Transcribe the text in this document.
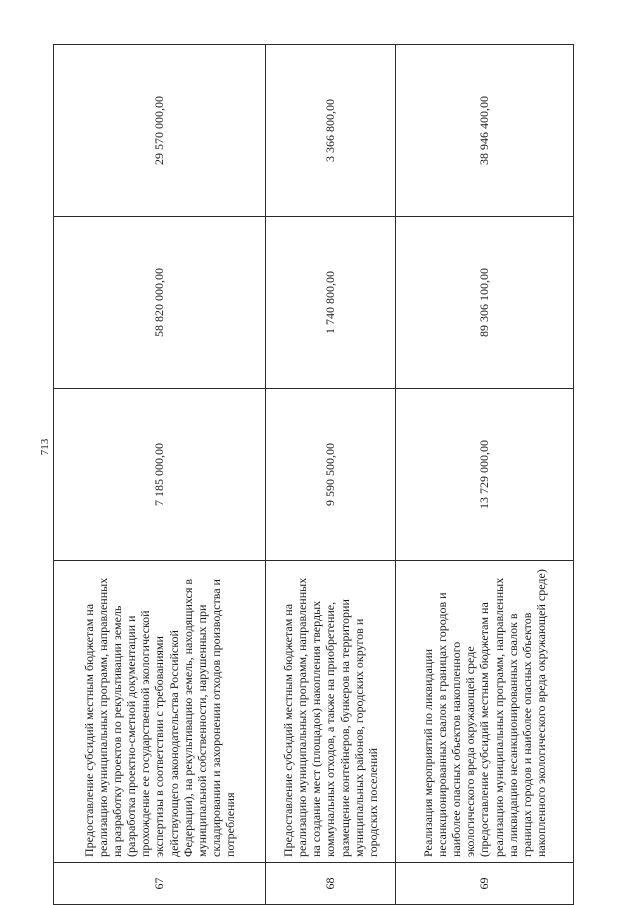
713
67	Предоставление субсидий местным бюджетам на реализацию муниципальных программ, направленных на разработку проектов по рекультивации земель (разработка проектно-сметной документации и прохождение ее государственной экологической экспертизы в соответствии с требованиями действующего законодательства Российской Федерации), на рекультивацию земель, находящихся в муниципальной собственности, нарушенных при складировании и захоронении отходов производства и потребления	7 185 000,00	58 820 000,00	29 570 000,00
68	Предоставление субсидий местным бюджетам на реализацию муниципальных программ, направленных на создание мест (площадок) накопления твердых коммунальных отходов, а также на приобретение, размещение контейнеров, бункеров на территории муниципальных районов, городских округов и городских поселений	9 590 500,00	1 740 800,00	3 366 800,00
69	Реализация мероприятий по ликвидации несанкционированных свалок в границах городов и наиболее опасных объектов накопленного экологического вреда окружающей среде (предоставление субсидий местным бюджетам на реализацию муниципальных программ, направленных на ликвидацию несанкционированных свалок в границах городов и наиболее опасных объектов накопленного экологического вреда окружающей среде)	13 729 000,00	89 306 100,00	38 946 400,00
